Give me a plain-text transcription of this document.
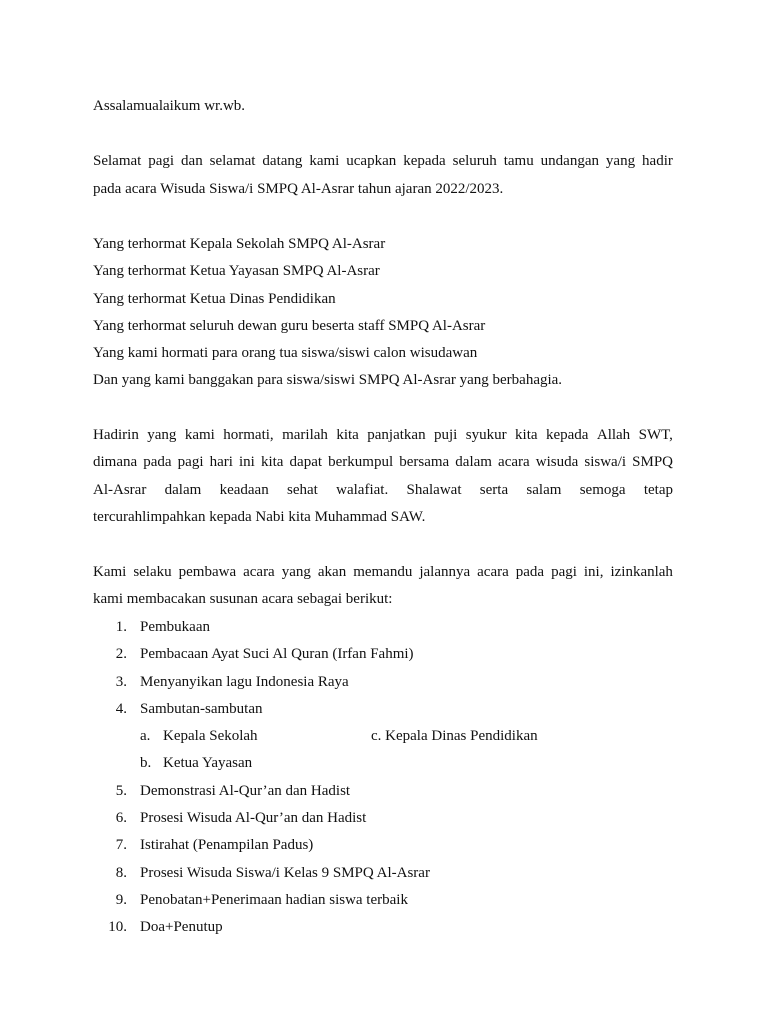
Assalamualaikum wr.wb.
Selamat pagi dan selamat datang kami ucapkan kepada seluruh tamu undangan yang hadir
pada acara Wisuda Siswa/i SMPQ Al-Asrar tahun ajaran 2022/2023.
Yang terhormat Kepala Sekolah SMPQ Al-Asrar
Yang terhormat Ketua Yayasan SMPQ Al-Asrar
Yang terhormat Ketua Dinas Pendidikan
Yang terhormat seluruh dewan guru beserta staff SMPQ Al-Asrar
Yang kami hormati para orang tua siswa/siswi calon wisudawan
Dan yang kami banggakan para siswa/siswi SMPQ Al-Asrar yang berbahagia.
Hadirin yang kami hormati, marilah kita panjatkan puji syukur kita kepada Allah SWT,
dimana pada pagi hari ini kita dapat berkumpul bersama dalam acara wisuda siswa/i SMPQ
Al-Asrar dalam keadaan sehat walafiat. Shalawat serta salam semoga tetap
tercurahlimpahkan kepada Nabi kita Muhammad SAW.
Kami selaku pembawa acara yang akan memandu jalannya acara pada pagi ini, izinkanlah
kami membacakan susunan acara sebagai berikut:
1. Pembukaan
2. Pembacaan Ayat Suci Al Quran (Irfan Fahmi)
3. Menyanyikan lagu Indonesia Raya
4. Sambutan-sambutan
a. Kepala Sekolah	c. Kepala Dinas Pendidikan
b. Ketua Yayasan
5. Demonstrasi Al-Qur’an dan Hadist
6. Prosesi Wisuda Al-Qur’an dan Hadist
7. Istirahat (Penampilan Padus)
8. Prosesi Wisuda Siswa/i Kelas 9 SMPQ Al-Asrar
9. Penobatan+Penerimaan hadian siswa terbaik
10. Doa+Penutup
